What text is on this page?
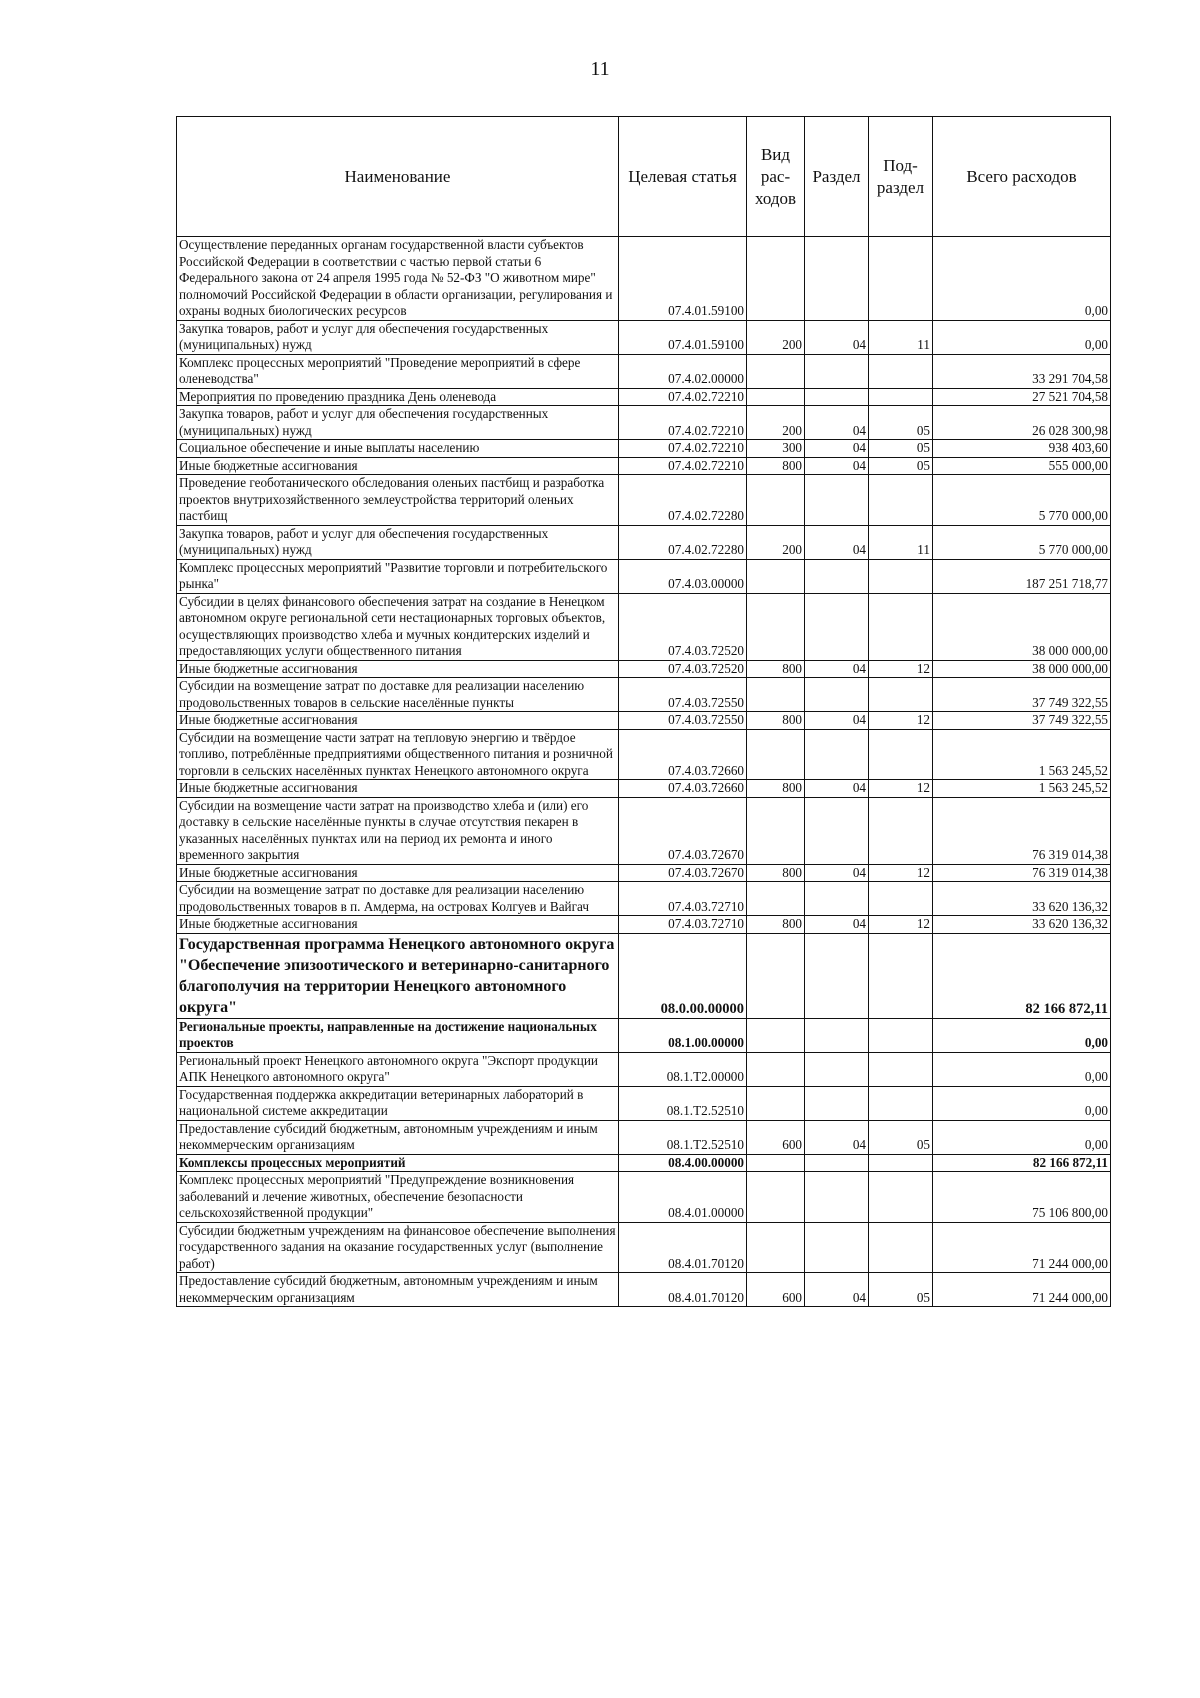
11
Наименование	Целевая статья	Вид рас-ходов	Раздел	Под-раздел	Всего расходов
Осуществление переданных органам государственной власти субъектов Российской Федерации в соответствии с частью первой статьи 6 Федерального закона от 24 апреля 1995 года № 52-ФЗ "О животном мире" полномочий Российской Федерации в области организации, регулирования и охраны водных биологических ресурсов	07.4.01.59100				0,00
Закупка товаров, работ и услуг для обеспечения государственных (муниципальных) нужд	07.4.01.59100	200	04	11	0,00
Комплекс процессных мероприятий "Проведение мероприятий в сфере оленеводства"	07.4.02.00000				33 291 704,58
Мероприятия по проведению праздника День оленевода	07.4.02.72210				27 521 704,58
Закупка товаров, работ и услуг для обеспечения государственных (муниципальных) нужд	07.4.02.72210	200	04	05	26 028 300,98
Социальное обеспечение и иные выплаты населению	07.4.02.72210	300	04	05	938 403,60
Иные бюджетные ассигнования	07.4.02.72210	800	04	05	555 000,00
Проведение геоботанического обследования оленьих пастбищ и разработка проектов внутрихозяйственного землеустройства территорий оленьих пастбищ	07.4.02.72280				5 770 000,00
Закупка товаров, работ и услуг для обеспечения государственных (муниципальных) нужд	07.4.02.72280	200	04	11	5 770 000,00
Комплекс процессных мероприятий "Развитие торговли и потребительского рынка"	07.4.03.00000				187 251 718,77
Субсидии в целях финансового обеспечения затрат на создание в Ненецком автономном округе региональной сети нестационарных торговых объектов, осуществляющих производство хлеба и мучных кондитерских изделий и предоставляющих услуги общественного питания	07.4.03.72520				38 000 000,00
Иные бюджетные ассигнования	07.4.03.72520	800	04	12	38 000 000,00
Субсидии на возмещение затрат по доставке для реализации населению продовольственных товаров в сельские населённые пункты	07.4.03.72550				37 749 322,55
Иные бюджетные ассигнования	07.4.03.72550	800	04	12	37 749 322,55
Субсидии на возмещение части затрат на тепловую энергию и твёрдое топливо, потреблённые предприятиями общественного питания и розничной торговли в сельских населённых пунктах Ненецкого автономного округа	07.4.03.72660				1 563 245,52
Иные бюджетные ассигнования	07.4.03.72660	800	04	12	1 563 245,52
Субсидии на возмещение части затрат на производство хлеба и (или) его доставку в сельские населённые пункты в случае отсутствия пекарен в указанных населённых пунктах или на период их ремонта и иного временного закрытия	07.4.03.72670				76 319 014,38
Иные бюджетные ассигнования	07.4.03.72670	800	04	12	76 319 014,38
Субсидии на возмещение затрат по доставке для реализации населению продовольственных товаров в п. Амдерма, на островах Колгуев и Вайгач	07.4.03.72710				33 620 136,32
Иные бюджетные ассигнования	07.4.03.72710	800	04	12	33 620 136,32
Государственная программа Ненецкого автономного округа "Обеспечение эпизоотического и ветеринарно-санитарного благополучия на территории Ненецкого автономного округа"	08.0.00.00000				82 166 872,11
Региональные проекты, направленные на достижение национальных проектов	08.1.00.00000				0,00
Региональный проект Ненецкого автономного округа "Экспорт продукции АПК Ненецкого автономного округа"	08.1.Т2.00000				0,00
Государственная поддержка аккредитации ветеринарных лабораторий в национальной системе аккредитации	08.1.Т2.52510				0,00
Предоставление субсидий бюджетным, автономным учреждениям и иным некоммерческим организациям	08.1.Т2.52510	600	04	05	0,00
Комплексы процессных мероприятий	08.4.00.00000				82 166 872,11
Комплекс процессных мероприятий "Предупреждение возникновения заболеваний и лечение животных, обеспечение безопасности сельскохозяйственной продукции"	08.4.01.00000				75 106 800,00
Субсидии бюджетным учреждениям на финансовое обеспечение выполнения государственного задания на оказание государственных услуг (выполнение работ)	08.4.01.70120				71 244 000,00
Предоставление субсидий бюджетным, автономным учреждениям и иным некоммерческим организациям	08.4.01.70120	600	04	05	71 244 000,00
